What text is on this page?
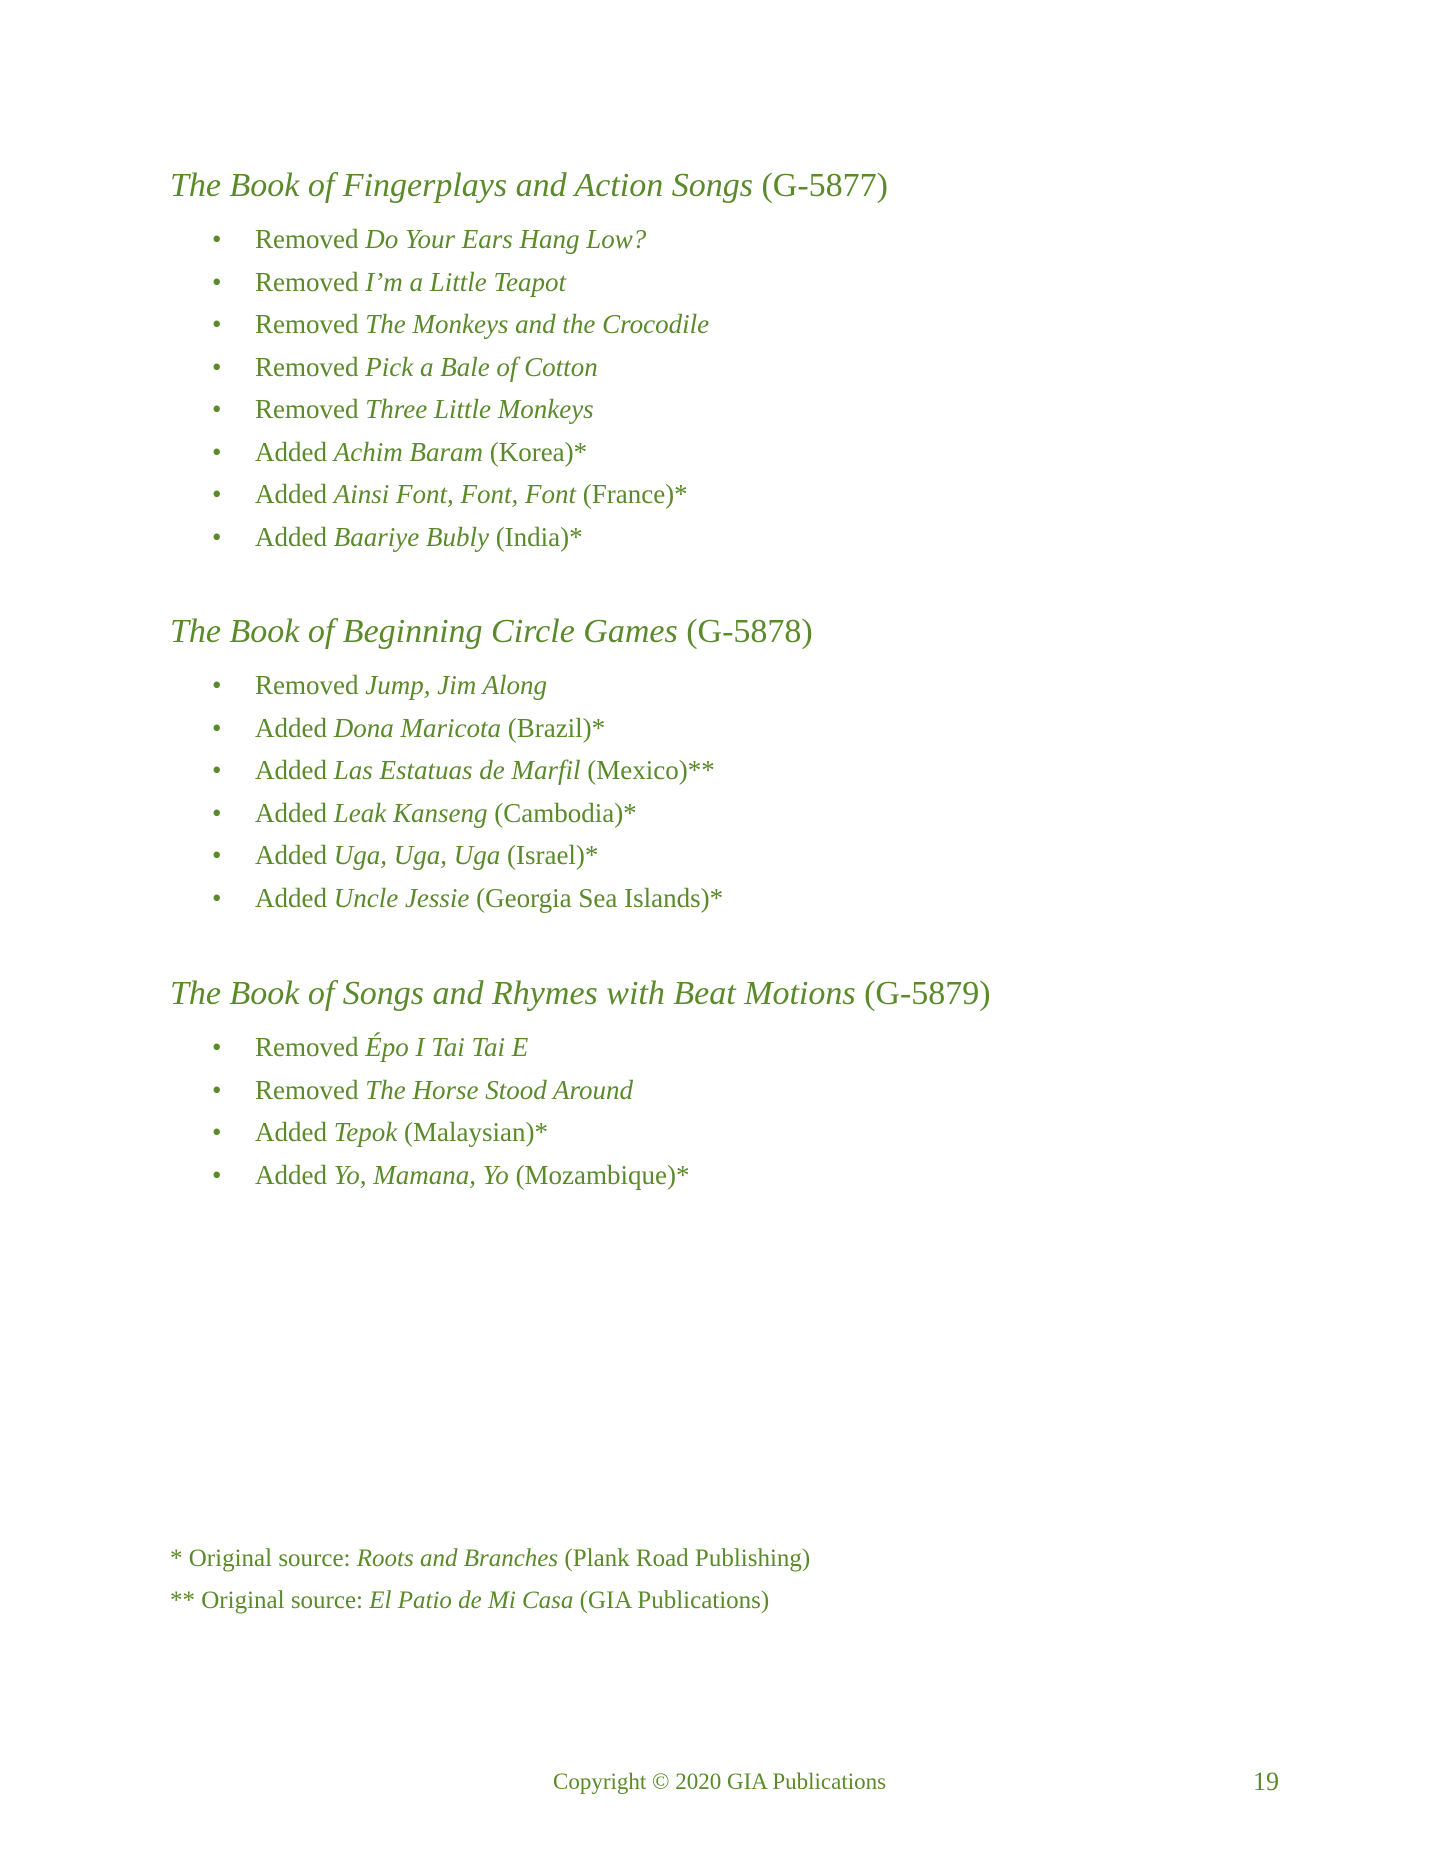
The Book of Fingerplays and Action Songs (G-5877)
• Removed Do Your Ears Hang Low?
• Removed I’m a Little Teapot
• Removed The Monkeys and the Crocodile
• Removed Pick a Bale of Cotton
• Removed Three Little Monkeys
• Added Achim Baram (Korea)*
• Added Ainsi Font, Font, Font (France)*
• Added Baariye Bubly (India)*
The Book of Beginning Circle Games (G-5878)
• Removed Jump, Jim Along
• Added Dona Maricota (Brazil)*
• Added Las Estatuas de Marfil (Mexico)**
• Added Leak Kanseng (Cambodia)*
• Added Uga, Uga, Uga (Israel)*
• Added Uncle Jessie (Georgia Sea Islands)*
The Book of Songs and Rhymes with Beat Motions (G-5879)
• Removed Épo I Tai Tai E
• Removed The Horse Stood Around
• Added Tepok (Malaysian)*
• Added Yo, Mamana, Yo (Mozambique)*
* Original source: Roots and Branches (Plank Road Publishing)
** Original source: El Patio de Mi Casa (GIA Publications)
Copyright © 2020 GIA Publications	19
